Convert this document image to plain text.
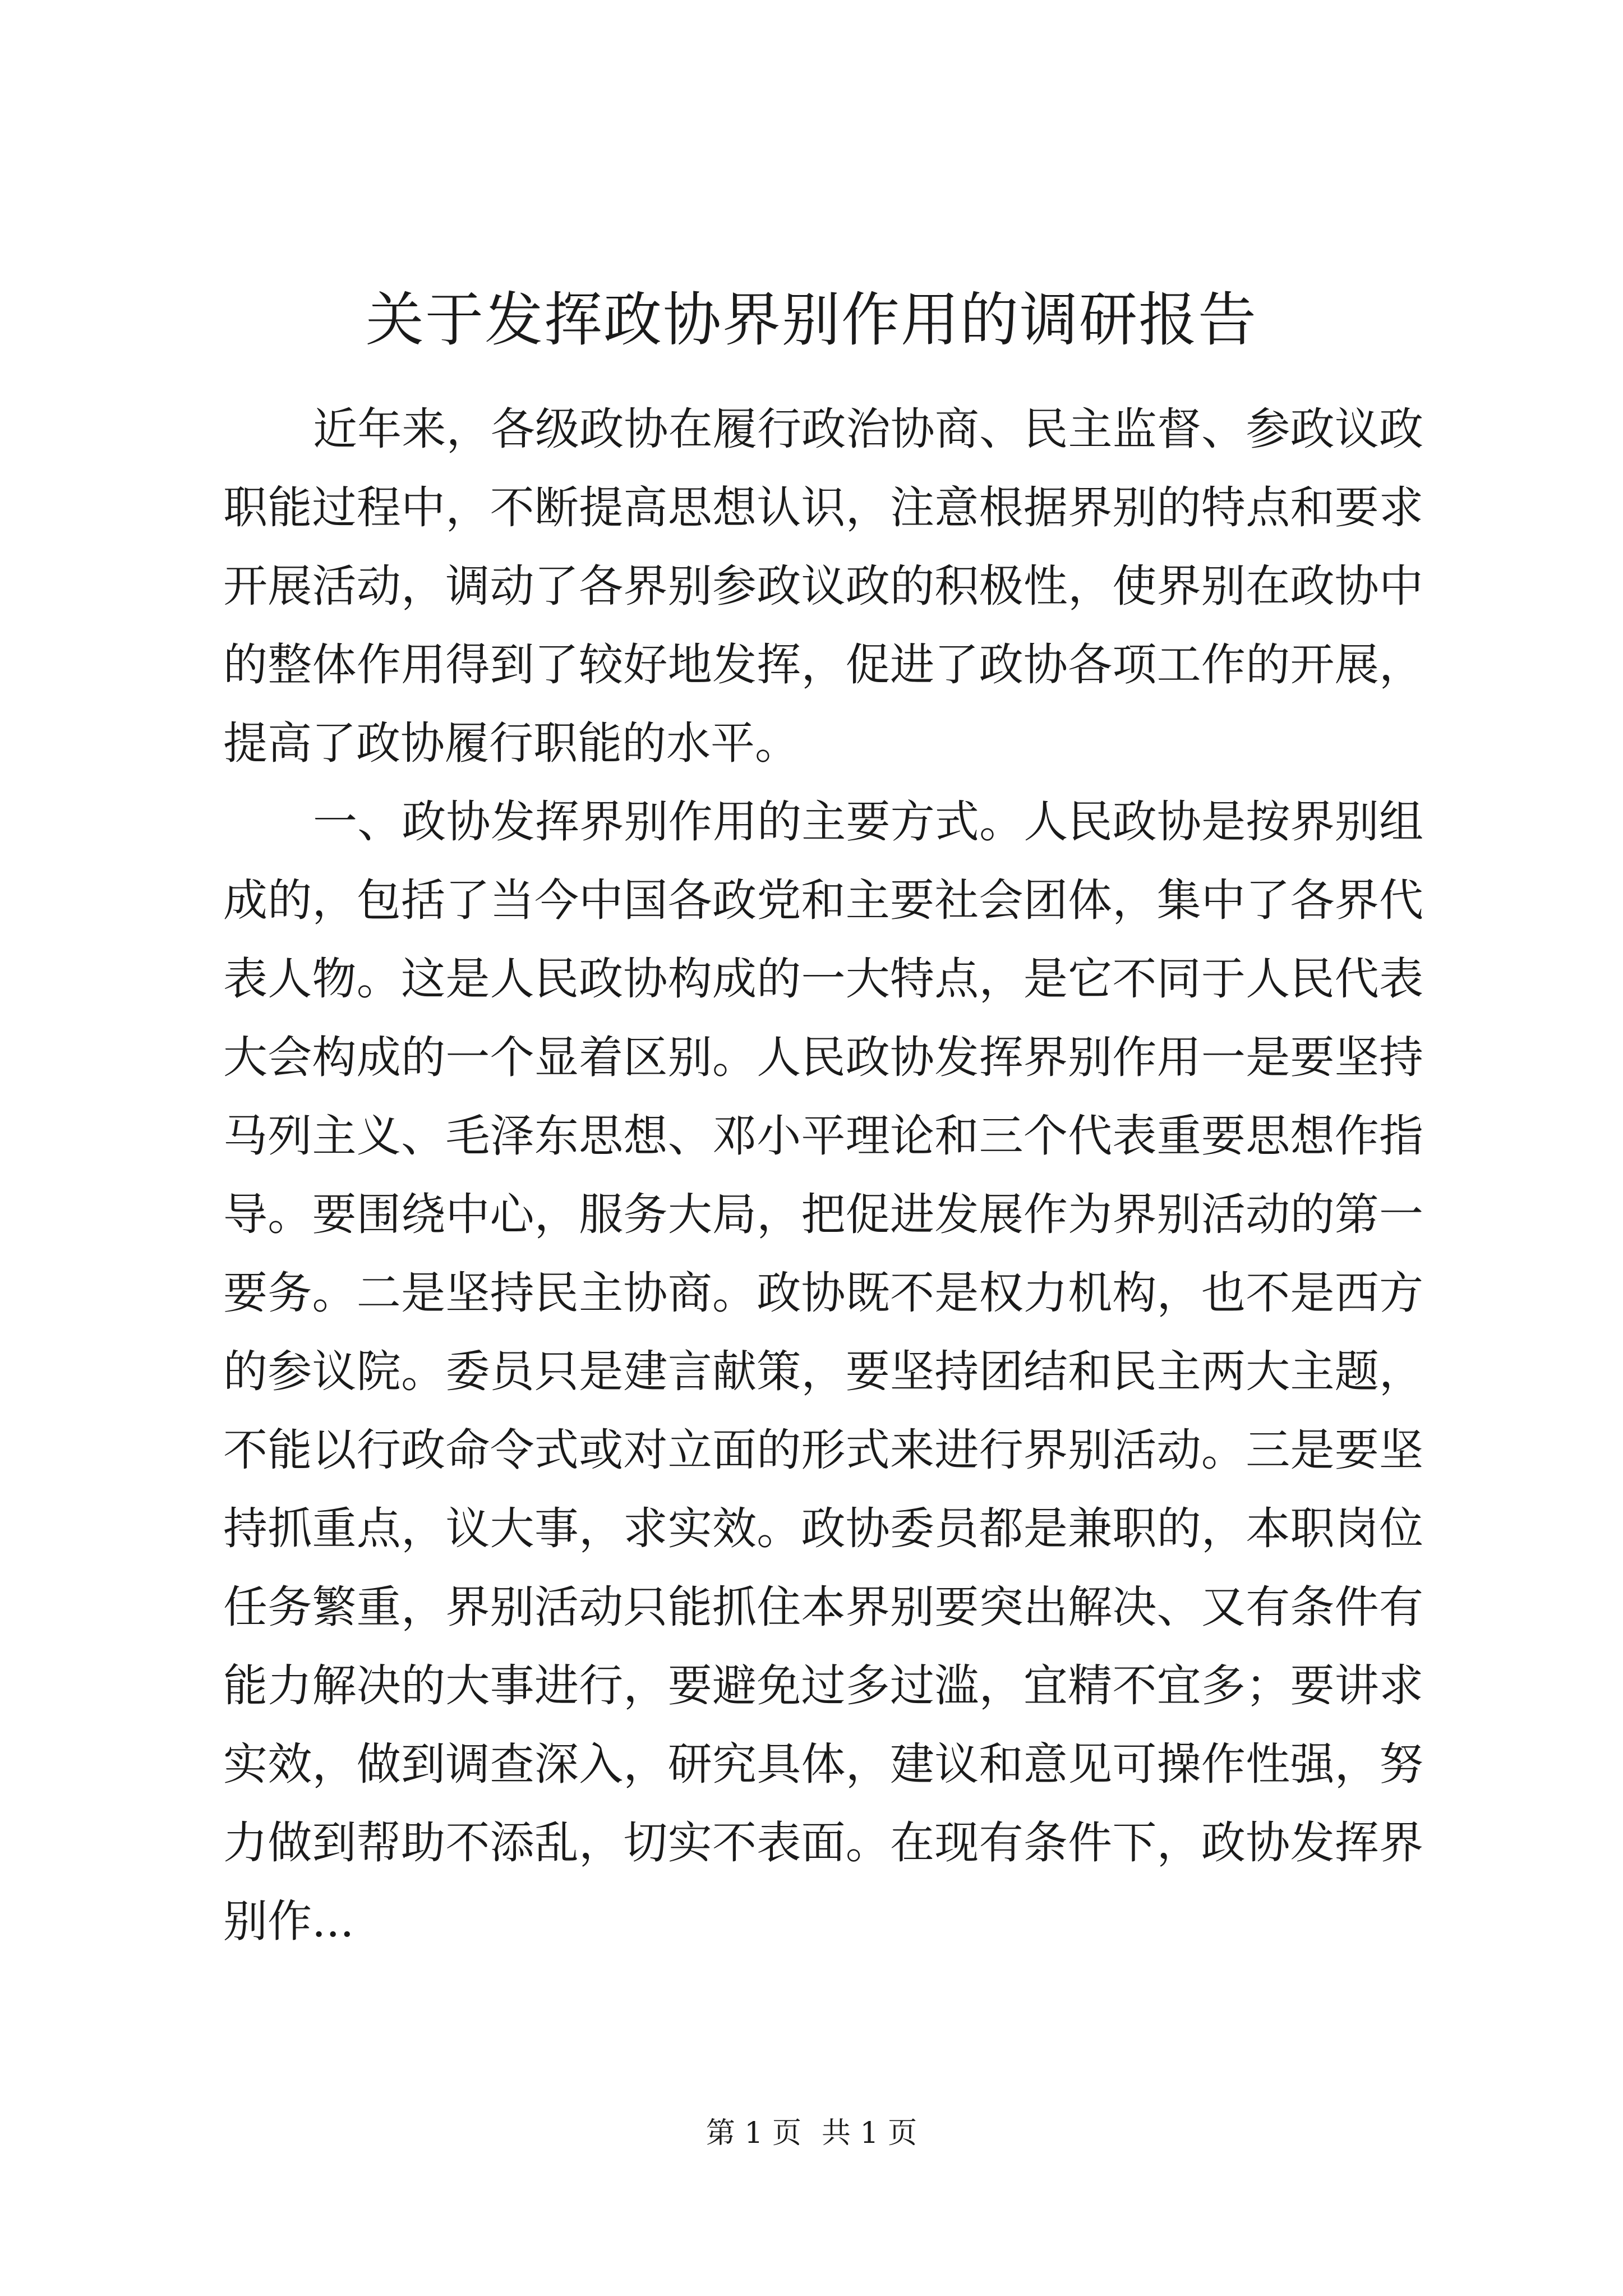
关于发挥政协界别作用的调研报告

近年来，各级政协在履行政治协商、民主监督、参政议政职能过程中，不断提高思想认识，注意根据界别的特点和要求开展活动，调动了各界别参政议政的积极性，使界别在政协中的整体作用得到了较好地发挥，促进了政协各项工作的开展，提高了政协履行职能的水平。

一、政协发挥界别作用的主要方式。人民政协是按界别组成的，包括了当今中国各政党和主要社会团体，集中了各界代表人物。这是人民政协构成的一大特点，是它不同于人民代表大会构成的一个显着区别。人民政协发挥界别作用一是要坚持马列主义、毛泽东思想、邓小平理论和三个代表重要思想作指导。要围绕中心，服务大局，把促进发展作为界别活动的第一要务。二是坚持民主协商。政协既不是权力机构，也不是西方的参议院。委员只是建言献策，要坚持团结和民主两大主题，不能以行政命令式或对立面的形式来进行界别活动。三是要坚持抓重点，议大事，求实效。政协委员都是兼职的，本职岗位任务繁重，界别活动只能抓住本界别要突出解决、又有条件有能力解决的大事进行，要避免过多过滥，宜精不宜多；要讲求实效，做到调查深入，研究具体，建议和意见可操作性强，努力做到帮助不添乱，切实不表面。在现有条件下，政协发挥界别作...

第 1 页 共 1 页
